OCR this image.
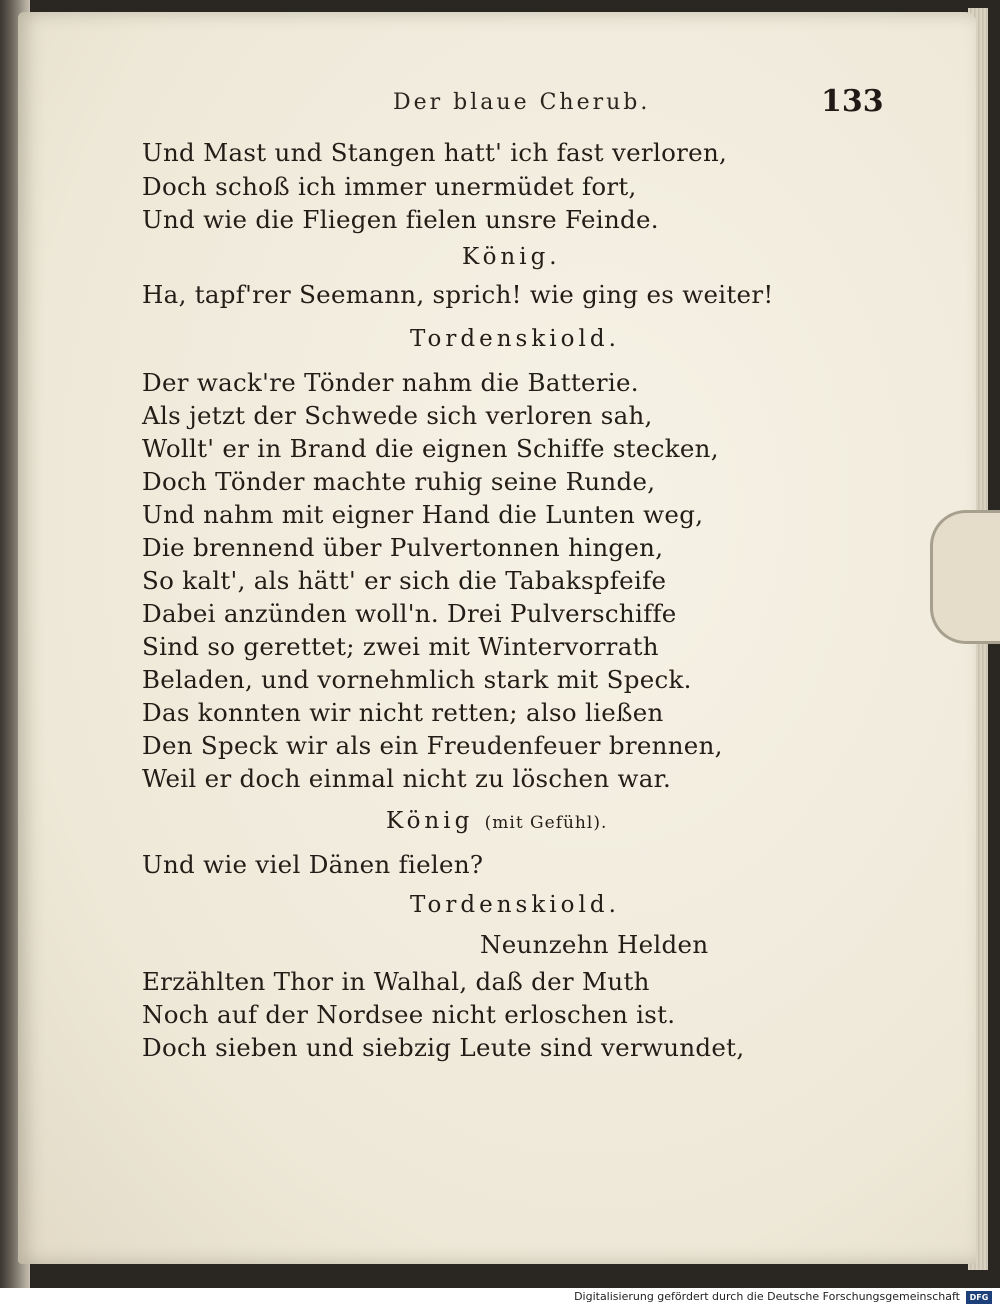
Der blaue Cherub.	133
Und Mast und Stangen hatt' ich fast verloren,
Doch schoß ich immer unermüdet fort,
Und wie die Fliegen fielen unsre Feinde.
König.
Ha, tapf'rer Seemann, sprich! wie ging es weiter!
Tordenskiold.
Der wack're Tönder nahm die Batterie.
Als jetzt der Schwede sich verloren sah,
Wollt' er in Brand die eignen Schiffe stecken,
Doch Tönder machte ruhig seine Runde,
Und nahm mit eigner Hand die Lunten weg,
Die brennend über Pulvertonnen hingen,
So kalt', als hätt' er sich die Tabakspfeife
Dabei anzünden woll'n. Drei Pulverschiffe
Sind so gerettet; zwei mit Wintervorrath
Beladen, und vornehmlich stark mit Speck.
Das konnten wir nicht retten; also ließen
Den Speck wir als ein Freudenfeuer brennen,
Weil er doch einmal nicht zu löschen war.
König (mit Gefühl).
Und wie viel Dänen fielen?
Tordenskiold.
Neunzehn Helden
Erzählten Thor in Walhal, daß der Muth
Noch auf der Nordsee nicht erloschen ist.
Doch sieben und siebzig Leute sind verwundet,
Digitalisierung gefördert durch die Deutsche Forschungsgemeinschaft	DFG
